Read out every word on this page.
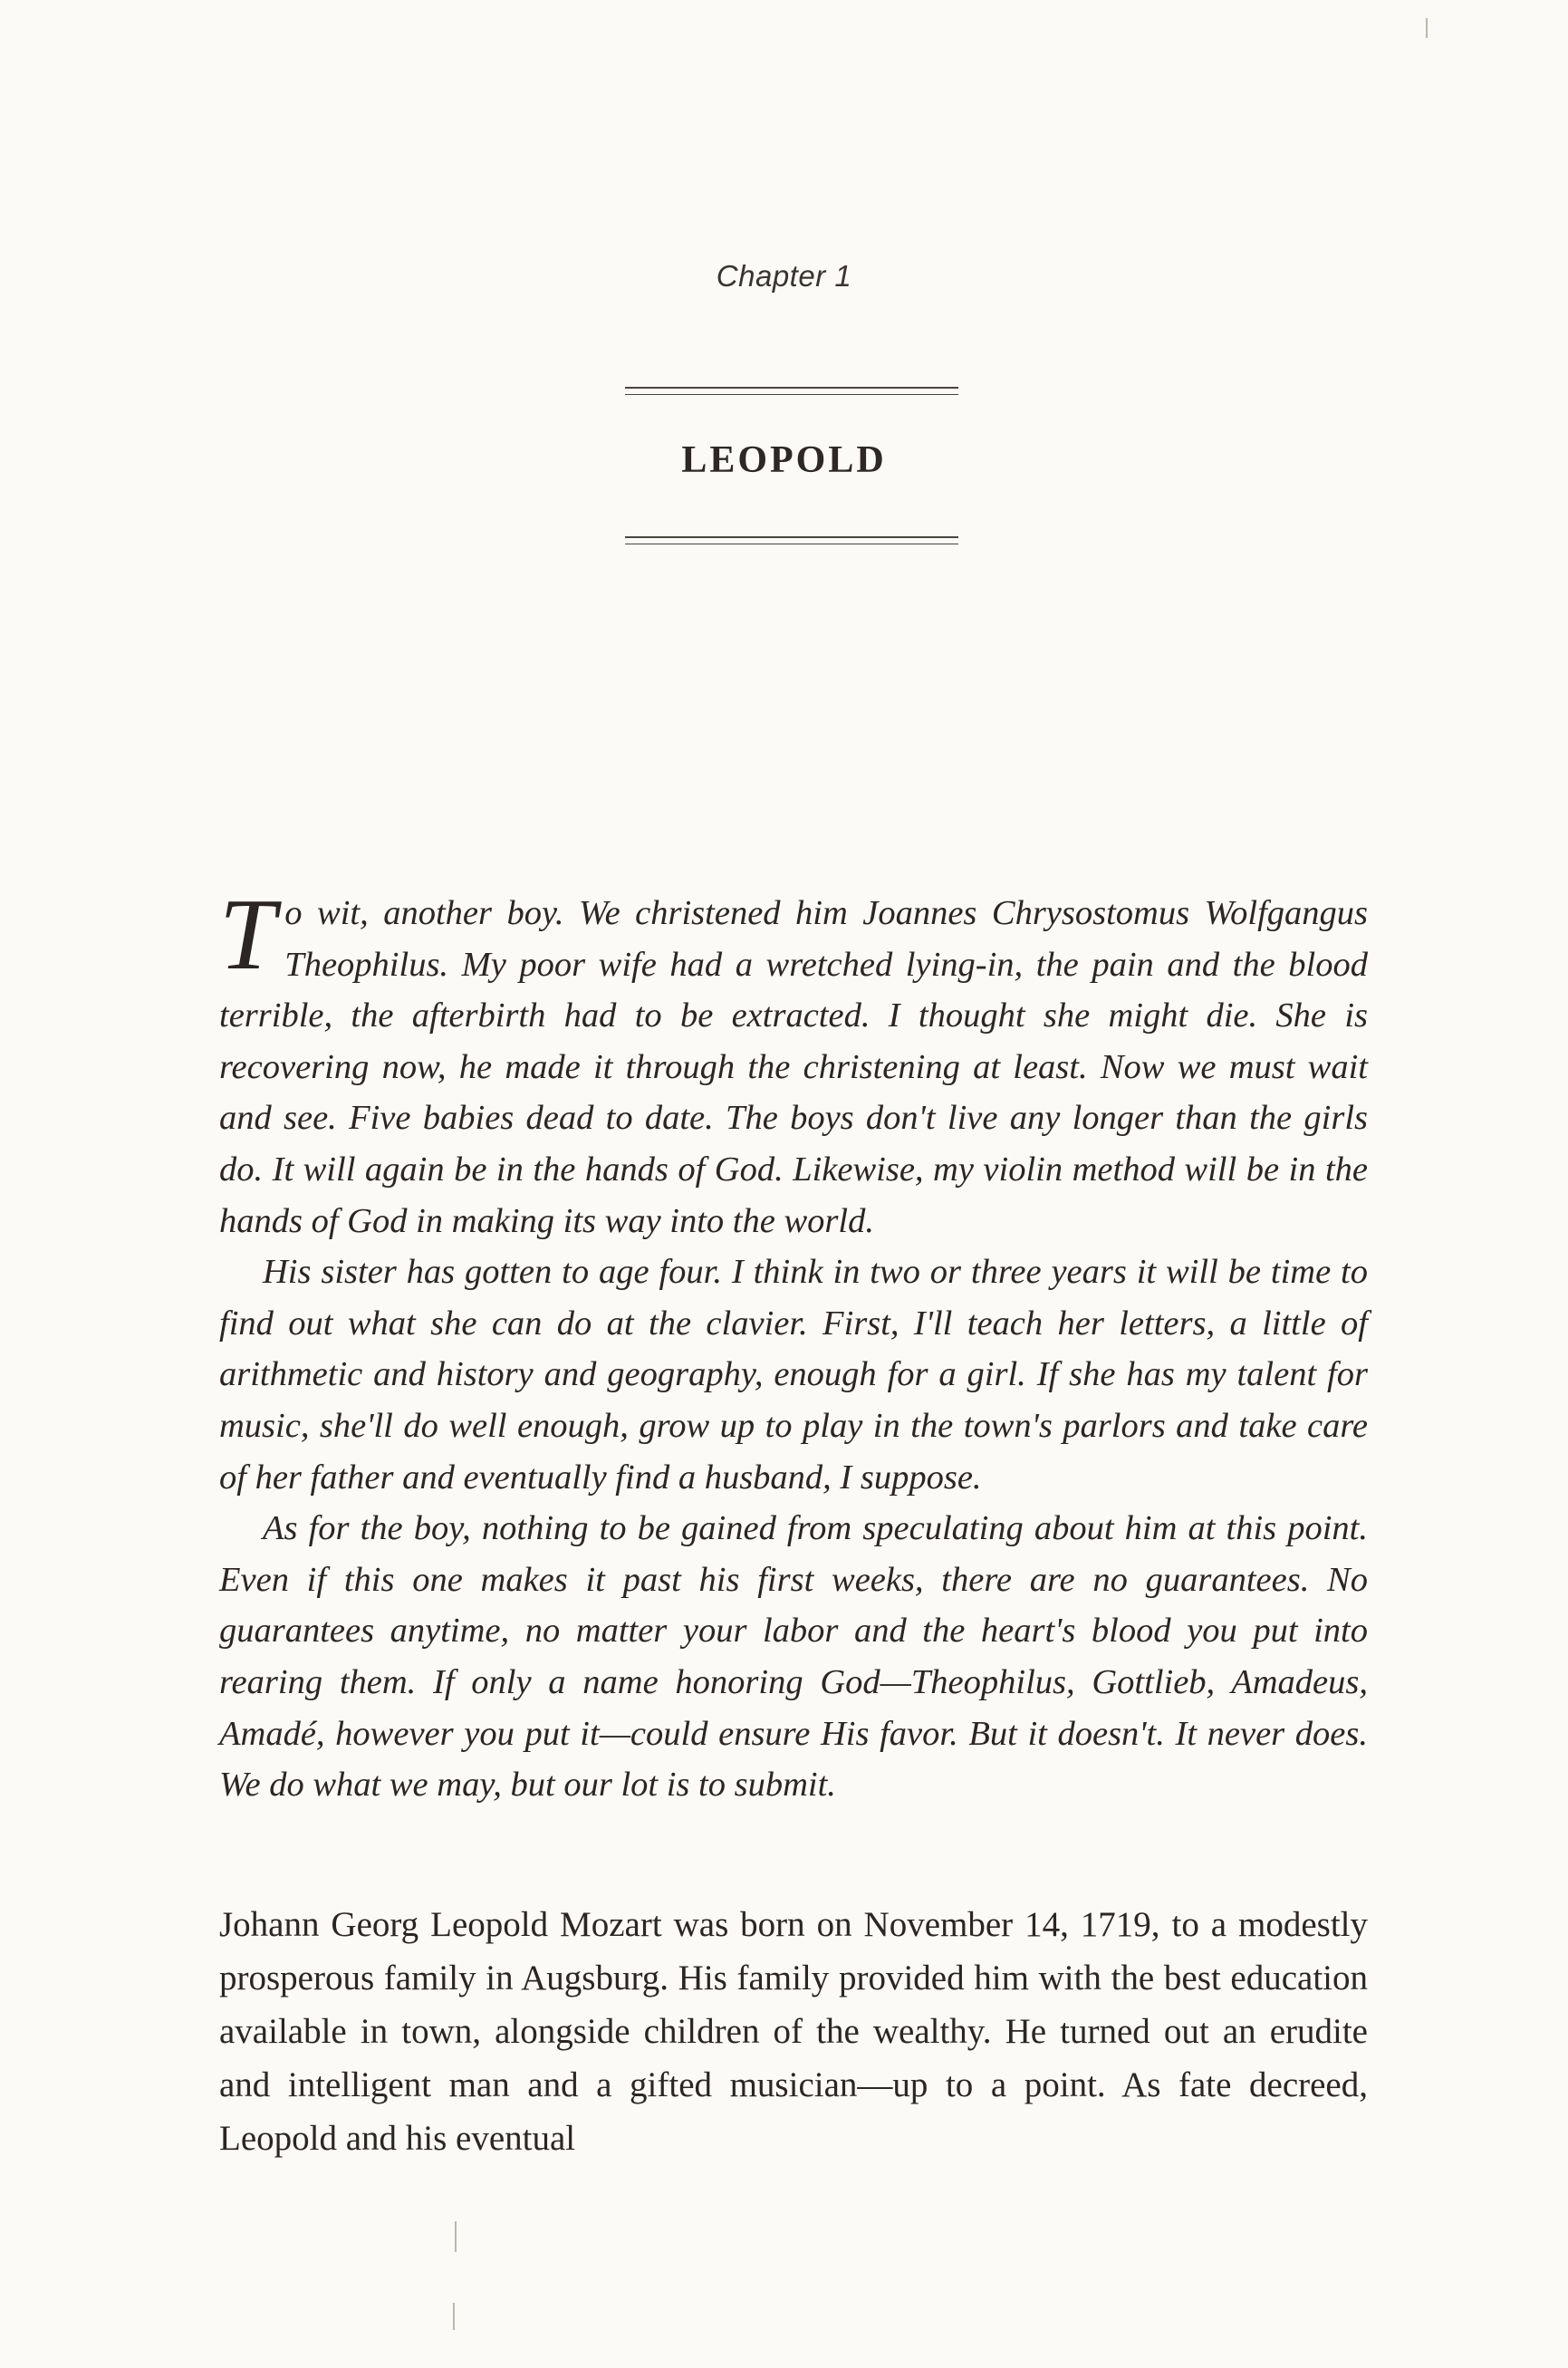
Chapter 1
LEOPOLD

To wit, another boy. We christened him Joannes Chrysostomus Wolfgangus Theophilus. My poor wife had a wretched lying-in, the pain and the blood terrible, the afterbirth had to be extracted. I thought she might die. She is recovering now, he made it through the christening at least. Now we must wait and see. Five babies dead to date. The boys don't live any longer than the girls do. It will again be in the hands of God. Likewise, my violin method will be in the hands of God in making its way into the world.

His sister has gotten to age four. I think in two or three years it will be time to find out what she can do at the clavier. First, I'll teach her letters, a little of arithmetic and history and geography, enough for a girl. If she has my talent for music, she'll do well enough, grow up to play in the town's parlors and take care of her father and eventually find a husband, I suppose.

As for the boy, nothing to be gained from speculating about him at this point. Even if this one makes it past his first weeks, there are no guarantees. No guarantees anytime, no matter your labor and the heart's blood you put into rearing them. If only a name honoring God—Theophilus, Gottlieb, Amadeus, Amadé, however you put it—could ensure His favor. But it doesn't. It never does. We do what we may, but our lot is to submit.

Johann Georg Leopold Mozart was born on November 14, 1719, to a modestly prosperous family in Augsburg. His family provided him with the best education available in town, alongside children of the wealthy. He turned out an erudite and intelligent man and a gifted musician—up to a point. As fate decreed, Leopold and his eventual
